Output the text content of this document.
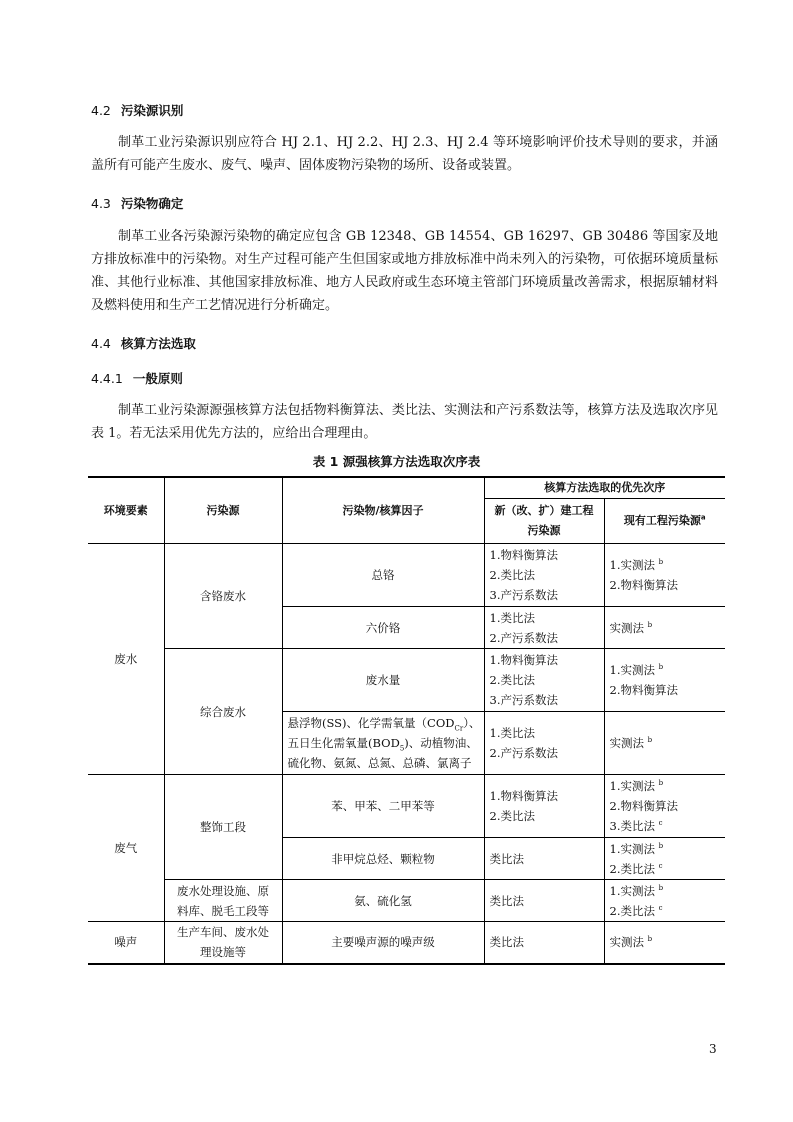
4.2 污染源识别

制革工业污染源识别应符合 HJ 2.1、HJ 2.2、HJ 2.3、HJ 2.4 等环境影响评价技术导则的要求，并涵盖所有可能产生废水、废气、噪声、固体废物污染物的场所、设备或装置。

4.3 污染物确定

制革工业各污染源污染物的确定应包含 GB 12348、GB 14554、GB 16297、GB 30486 等国家及地方排放标准中的污染物。对生产过程可能产生但国家或地方排放标准中尚未列入的污染物，可依据环境质量标准、其他行业标准、其他国家排放标准、地方人民政府或生态环境主管部门环境质量改善需求，根据原辅材料及燃料使用和生产工艺情况进行分析确定。

4.4 核算方法选取
4.4.1 一般原则

制革工业污染源源强核算方法包括物料衡算法、类比法、实测法和产污系数法等，核算方法及选取次序见表 1。若无法采用优先方法的，应给出合理理由。

表 1 源强核算方法选取次序表
环境要素	污染源	污染物/核算因子	核算方法选取的优先次序	

			新（改、扩）建工程
污染源	现有工程污染源$^a$
废水	含铬废水	总铬	1.物料衡算法
2.类比法
3.产污系数法	1.实测法 $^b$
2.物料衡算法

		六价铬	1.类比法
2.产污系数法	实测法 $^b$

	综合废水	废水量	1.物料衡算法
2.类比法
3.产污系数法	1.实测法 $^b$
2.物料衡算法

		悬浮物(SS)、化学需氧量$(COD_{Cr})$、
五日生化需氧量$(BOD_5)$、动植物油、
硫化物、氨氮、总氮、总磷、氯离子	1.类比法
2.产污系数法	实测法 $^b$

废气	整饰工段	苯、甲苯、二甲苯等	1.物料衡算法
2.类比法	1.实测法 $^b$
2.物料衡算法
3.类比法 $^c$

		非甲烷总烃、颗粒物	类比法	1.实测法 $^b$
2.类比法 $^c$

	废水处理设施、原
料库、脱毛工段等	氨、硫化氢	类比法	1.实测法 $^b$
2.类比法 $^c$

噪声	生产车间、废水处
理设施等	主要噪声源的噪声级	类比法	实测法 $^b$
3
